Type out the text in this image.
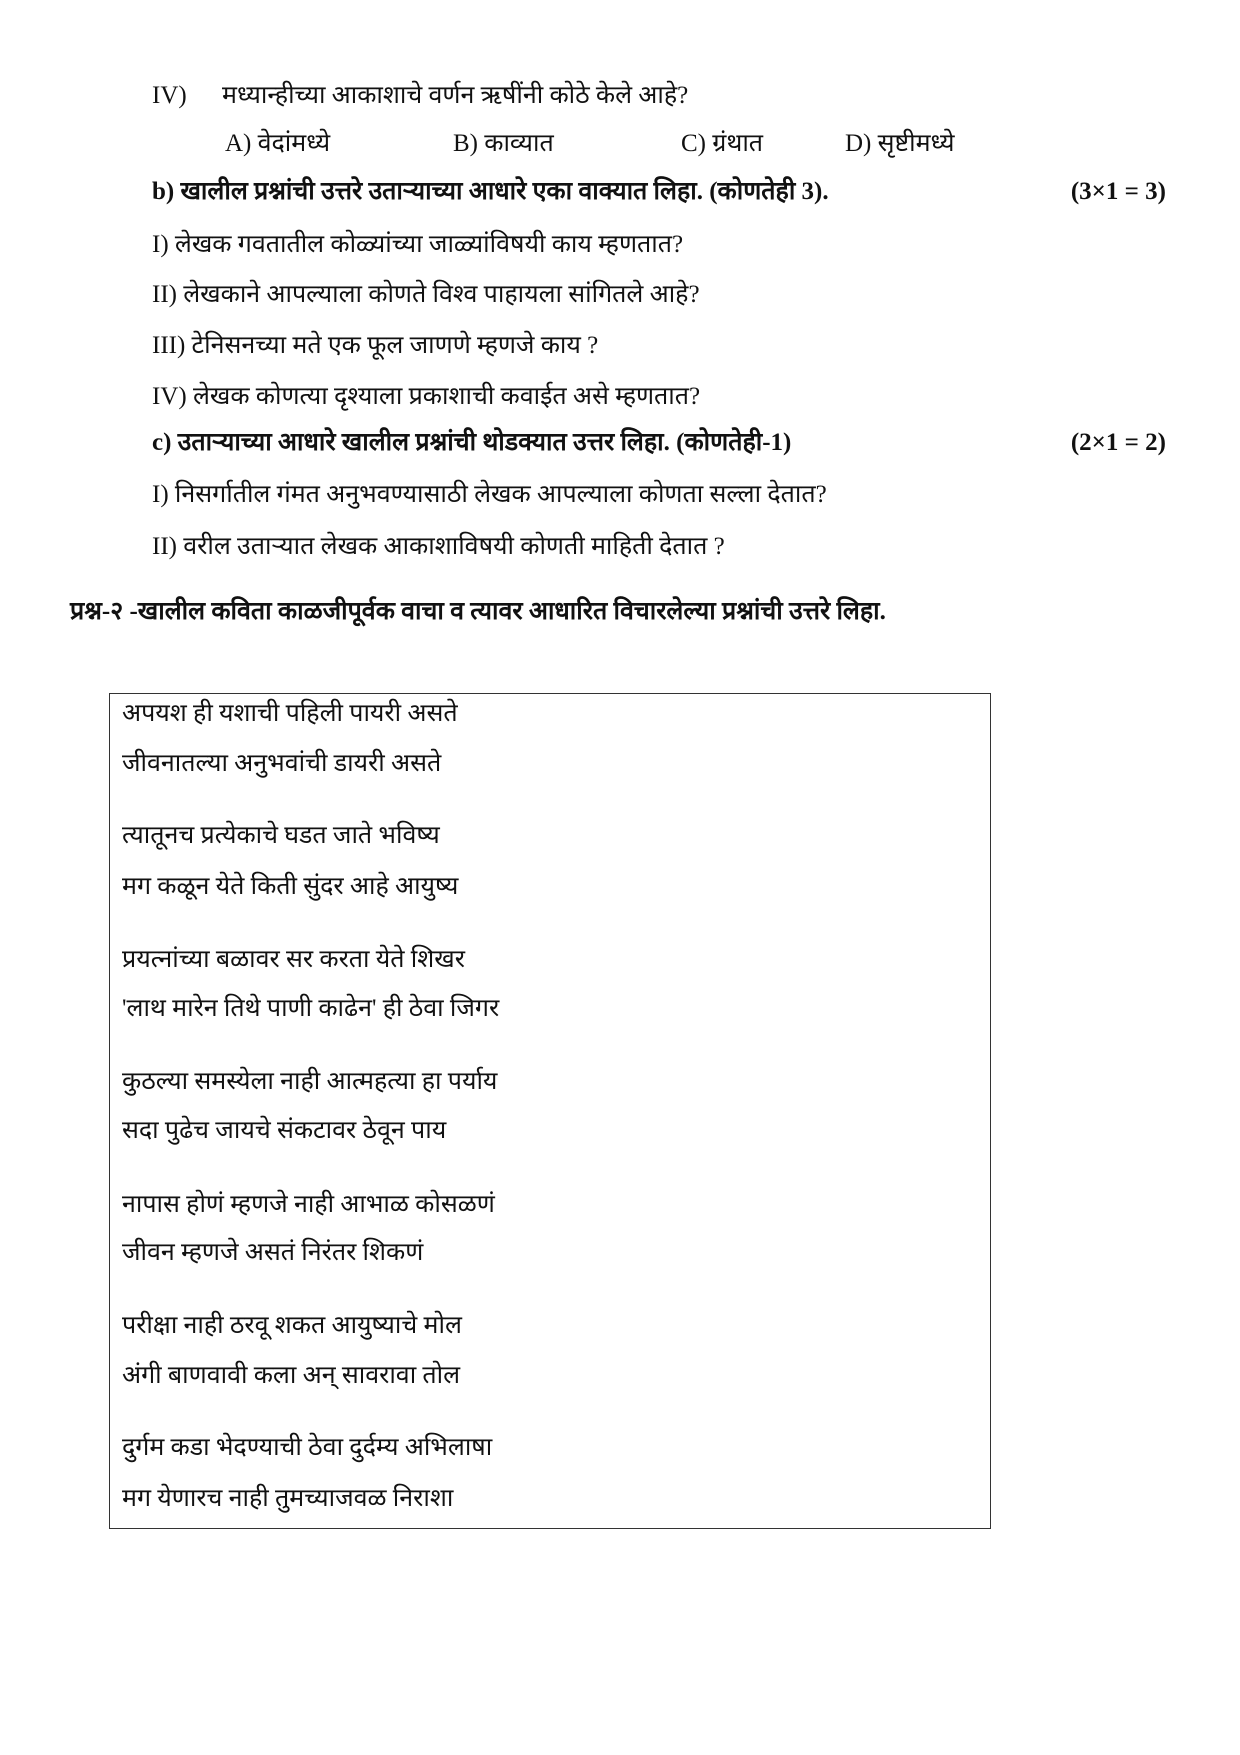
IV) मध्यान्हीच्या आकाशाचे वर्णन ऋषींनी कोठे केले आहे?
A) वेदांमध्ये	B) काव्यात	C) ग्रंथात	D) सृष्टीमध्ये
b) खालील प्रश्नांची उत्तरे उताऱ्याच्या आधारे एका वाक्यात लिहा. (कोणतेही 3).	(3×1 = 3)
I) लेखक गवतातील कोळ्यांच्या जाळ्यांविषयी काय म्हणतात?
II) लेखकाने आपल्याला कोणते विश्व पाहायला सांगितले आहे?
III) टेनिसनच्या मते एक फूल जाणणे म्हणजे काय ?
IV) लेखक कोणत्या दृश्याला प्रकाशाची कवाईत असे म्हणतात?
c) उताऱ्याच्या आधारे खालील प्रश्नांची थोडक्यात उत्तर लिहा. (कोणतेही-1)	(2×1 = 2)
I) निसर्गातील गंमत अनुभवण्यासाठी लेखक आपल्याला कोणता सल्ला देतात?
II) वरील उताऱ्यात लेखक आकाशाविषयी कोणती माहिती देतात ?
प्रश्न-२ -खालील कविता काळजीपूर्वक वाचा व त्यावर आधारित विचारलेल्या प्रश्नांची उत्तरे लिहा.
अपयश ही यशाची पहिली पायरी असते
जीवनातल्या अनुभवांची डायरी असते
त्यातूनच प्रत्येकाचे घडत जाते भविष्य
मग कळून येते किती सुंदर आहे आयुष्य
प्रयत्नांच्या बळावर सर करता येते शिखर
'लाथ मारेन तिथे पाणी काढेन' ही ठेवा जिगर
कुठल्या समस्येला नाही आत्महत्या हा पर्याय
सदा पुढेच जायचे संकटावर ठेवून पाय
नापास होणं म्हणजे नाही आभाळ कोसळणं
जीवन म्हणजे असतं निरंतर शिकणं
परीक्षा नाही ठरवू शकत आयुष्याचे मोल
अंगी बाणवावी कला अन् सावरावा तोल
दुर्गम कडा भेदण्याची ठेवा दुर्दम्य अभिलाषा
मग येणारच नाही तुमच्याजवळ निराशा
